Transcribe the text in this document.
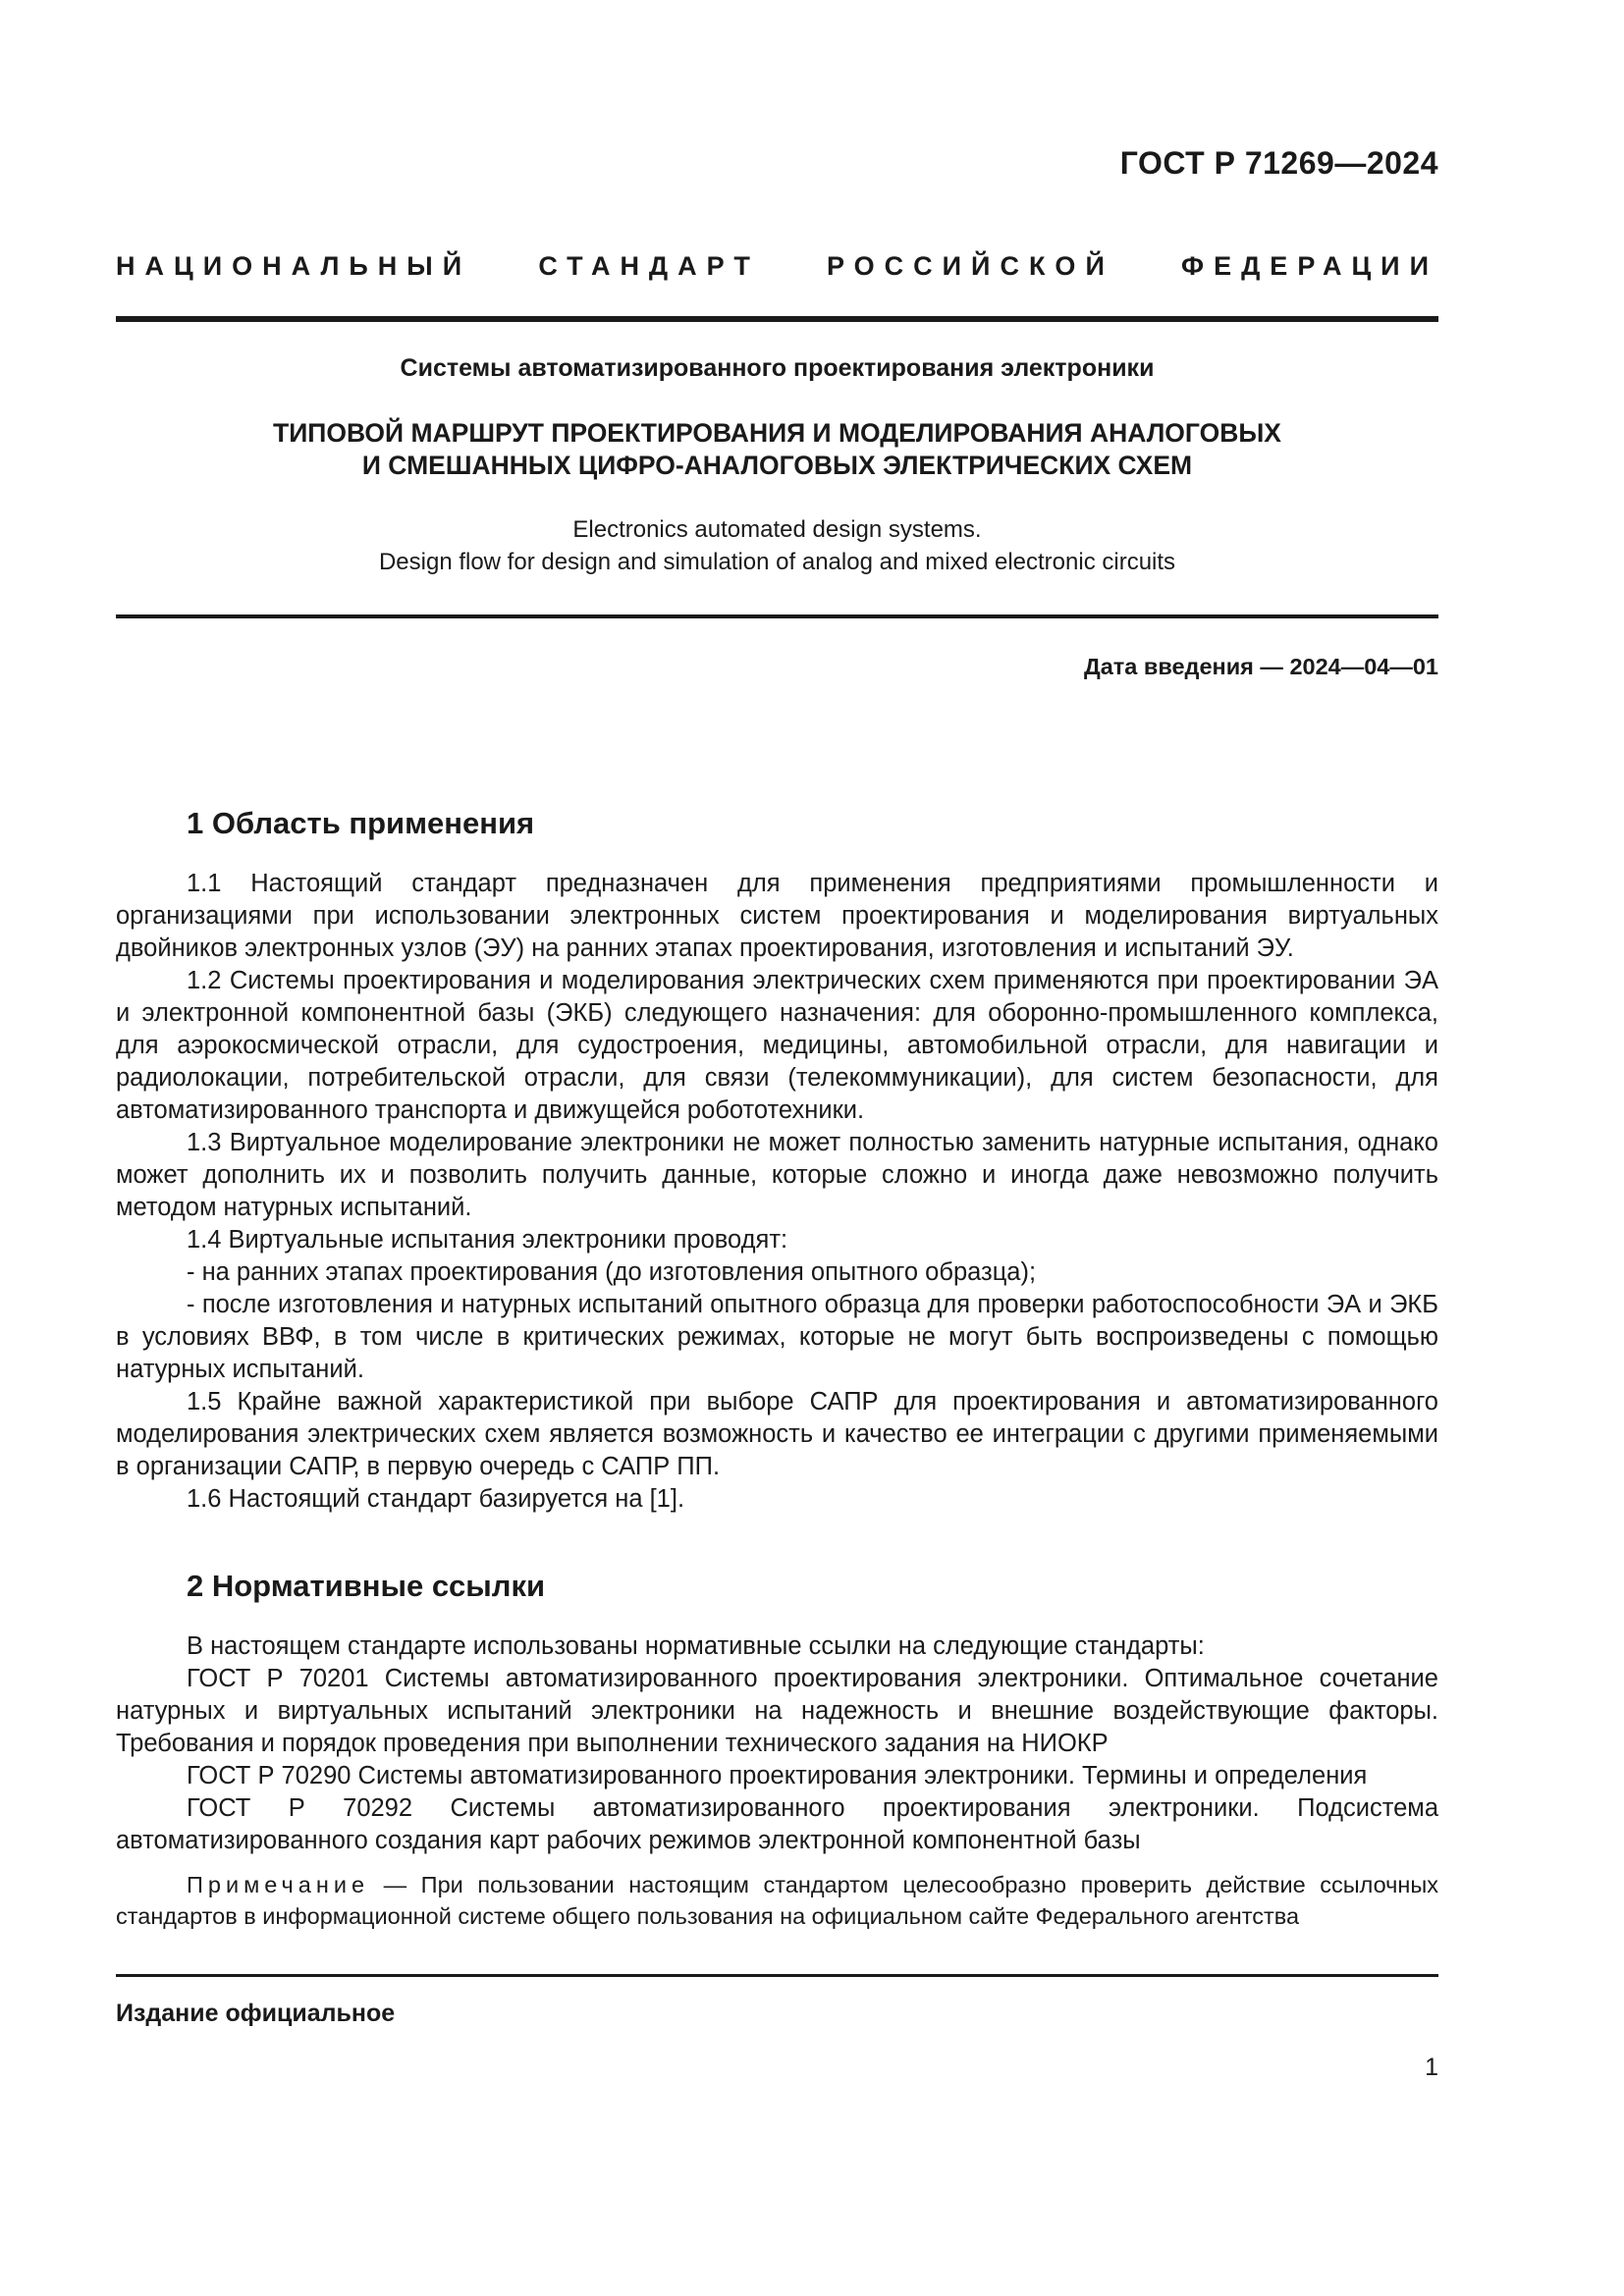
ГОСТ Р 71269—2024
НАЦИОНАЛЬНЫЙ СТАНДАРТ РОССИЙСКОЙ ФЕДЕРАЦИИ
Системы автоматизированного проектирования электроники
ТИПОВОЙ МАРШРУТ ПРОЕКТИРОВАНИЯ И МОДЕЛИРОВАНИЯ АНАЛОГОВЫХ
И СМЕШАННЫХ ЦИФРО-АНАЛОГОВЫХ ЭЛЕКТРИЧЕСКИХ СХЕМ
Electronics automated design systems.
Design flow for design and simulation of analog and mixed electronic circuits
Дата введения — 2024—04—01
1 Область применения

1.1 Настоящий стандарт предназначен для применения предприятиями промышленности и организациями при использовании электронных систем проектирования и моделирования виртуальных двойников электронных узлов (ЭУ) на ранних этапах проектирования, изготовления и испытаний ЭУ.

1.2 Системы проектирования и моделирования электрических схем применяются при проектировании ЭА и электронной компонентной базы (ЭКБ) следующего назначения: для оборонно-промышленного комплекса, для аэрокосмической отрасли, для судостроения, медицины, автомобильной отрасли, для навигации и радиолокации, потребительской отрасли, для связи (телекоммуникации), для систем безопасности, для автоматизированного транспорта и движущейся робототехники.

1.3 Виртуальное моделирование электроники не может полностью заменить натурные испытания, однако может дополнить их и позволить получить данные, которые сложно и иногда даже невозможно получить методом натурных испытаний.

1.4 Виртуальные испытания электроники проводят:

- на ранних этапах проектирования (до изготовления опытного образца);

- после изготовления и натурных испытаний опытного образца для проверки работоспособности ЭА и ЭКБ в условиях ВВФ, в том числе в критических режимах, которые не могут быть воспроизведены с помощью натурных испытаний.

1.5 Крайне важной характеристикой при выборе САПР для проектирования и автоматизированного моделирования электрических схем является возможность и качество ее интеграции с другими применяемыми в организации САПР, в первую очередь с САПР ПП.

1.6 Настоящий стандарт базируется на [1].

2 Нормативные ссылки

В настоящем стандарте использованы нормативные ссылки на следующие стандарты:

ГОСТ Р 70201 Системы автоматизированного проектирования электроники. Оптимальное сочетание натурных и виртуальных испытаний электроники на надежность и внешние воздействующие факторы. Требования и порядок проведения при выполнении технического задания на НИОКР

ГОСТ Р 70290 Системы автоматизированного проектирования электроники. Термины и определения

ГОСТ Р 70292 Системы автоматизированного проектирования электроники. Подсистема автоматизированного создания карт рабочих режимов электронной компонентной базы

Примечание — При пользовании настоящим стандартом целесообразно проверить действие ссылочных стандартов в информационной системе общего пользования на официальном сайте Федерального агентства

Издание официальное
1
